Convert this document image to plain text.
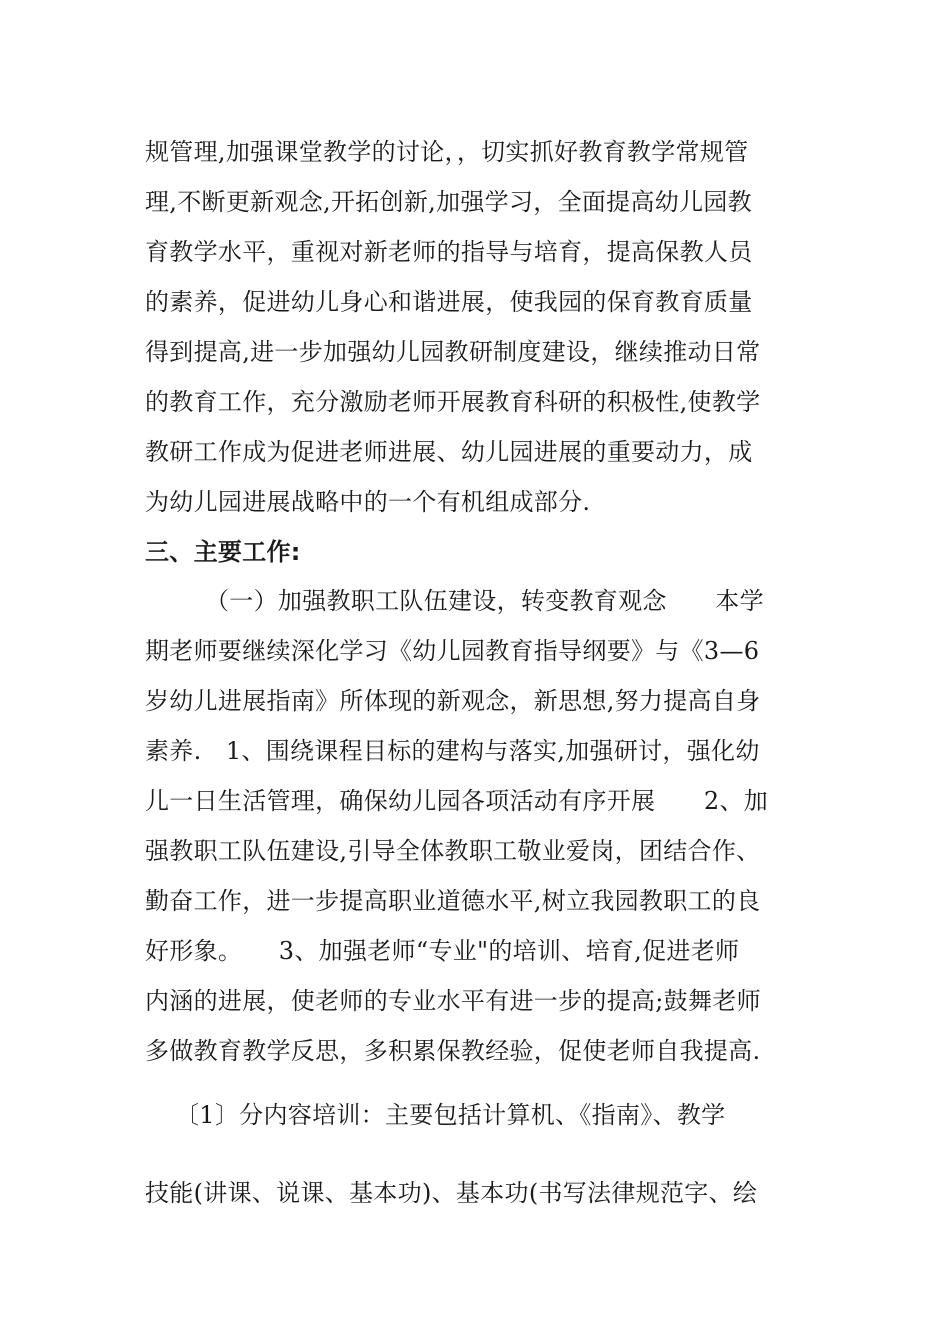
规管理,加强课堂教学的讨论，，切实抓好教育教学常规管
理,不断更新观念,开拓创新,加强学习，全面提高幼儿园教
育教学水平，重视对新老师的指导与培育，提高保教人员
的素养，促进幼儿身心和谐进展，使我园的保育教育质量
得到提高,进一步加强幼儿园教研制度建设，继续推动日常
的教育工作，充分激励老师开展教育科研的积极性,使教学
教研工作成为促进老师进展、幼儿园进展的重要动力，成
为幼儿园进展战略中的一个有机组成部分.
三、主要工作:
（一）加强教职工队伍建设，转变教育观念　　本学
期老师要继续深化学习《幼儿园教育指导纲要》与《3—6
岁幼儿进展指南》所体现的新观念，新思想,努力提高自身
素养.　1、围绕课程目标的建构与落实,加强研讨，强化幼
儿一日生活管理，确保幼儿园各项活动有序开展　　2、加
强教职工队伍建设,引导全体教职工敬业爱岗，团结合作、
勤奋工作，进一步提高职业道德水平,树立我园教职工的良
好形象。　　3、加强老师“专业"的培训、培育,促进老师
内涵的进展，使老师的专业水平有进一步的提高;鼓舞老师
多做教育教学反思，多积累保教经验，促使老师自我提高.
〔1〕分内容培训：主要包括计算机、《指南》、教学
技能(讲课、说课、基本功)、基本功(书写法律规范字、绘
